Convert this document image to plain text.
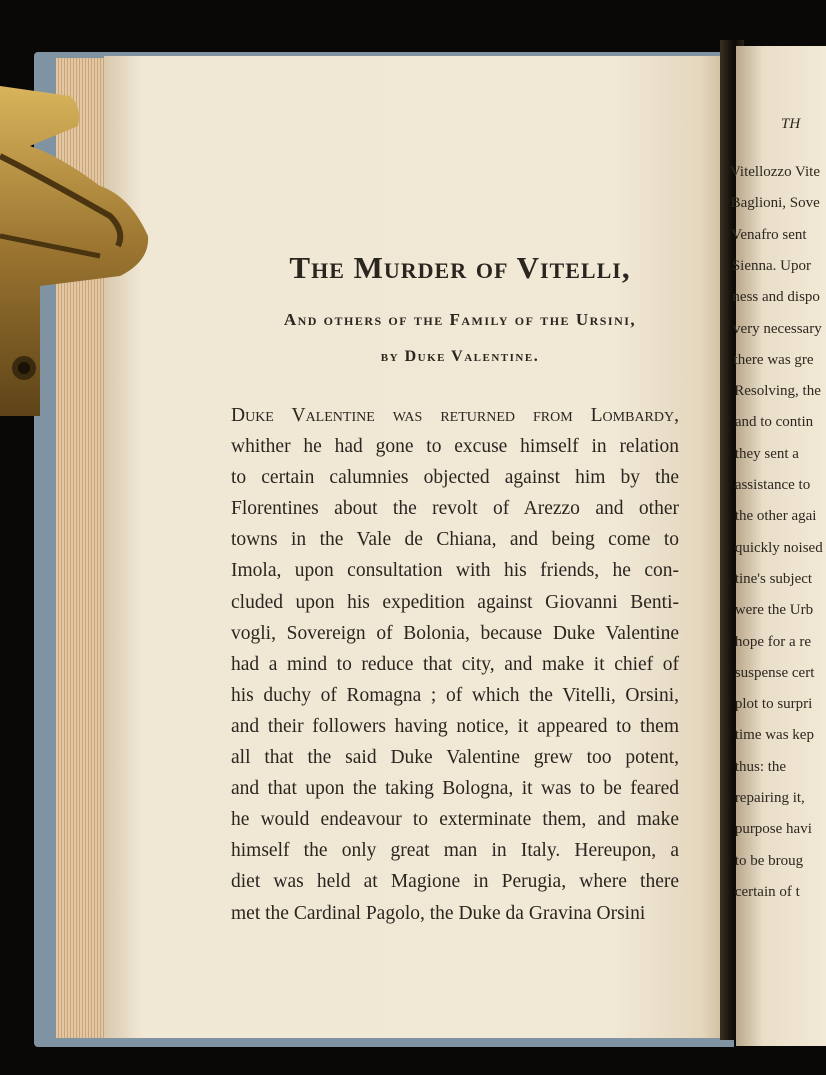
TH
Vitellozzo Vite
Baglioni, Sove
Venafro sent
Sienna. Upor
ness and dispo
very necessary
there was gre
Resolving, the
and to contin
they sent a
assistance to
the other agai
quickly noised
tine's subject
were the Urb
hope for a re
suspense cert
plot to surpri
time was kep
thus: the
repairing it,
purpose havi
to be broug
certain of t
The Murder of Vitelli,
And others of the Family of the Ursini,
by Duke Valentine.
Duke Valentine was returned from Lombardy,
whither he had gone to excuse himself in relation
to certain calumnies objected against him by the
Florentines about the revolt of Arezzo and other
towns in the Vale de Chiana, and being come to
Imola, upon consultation with his friends, he con-
cluded upon his expedition against Giovanni Benti-
vogli, Sovereign of Bolonia, because Duke Valentine
had a mind to reduce that city, and make it chief of
his duchy of Romagna ; of which the Vitelli, Orsini,
and their followers having notice, it appeared to them
all that the said Duke Valentine grew too potent,
and that upon the taking Bologna, it was to be feared
he would endeavour to exterminate them, and make
himself the only great man in Italy. Hereupon, a
diet was held at Magione in Perugia, where there
met the Cardinal Pagolo, the Duke da Gravina Orsini
